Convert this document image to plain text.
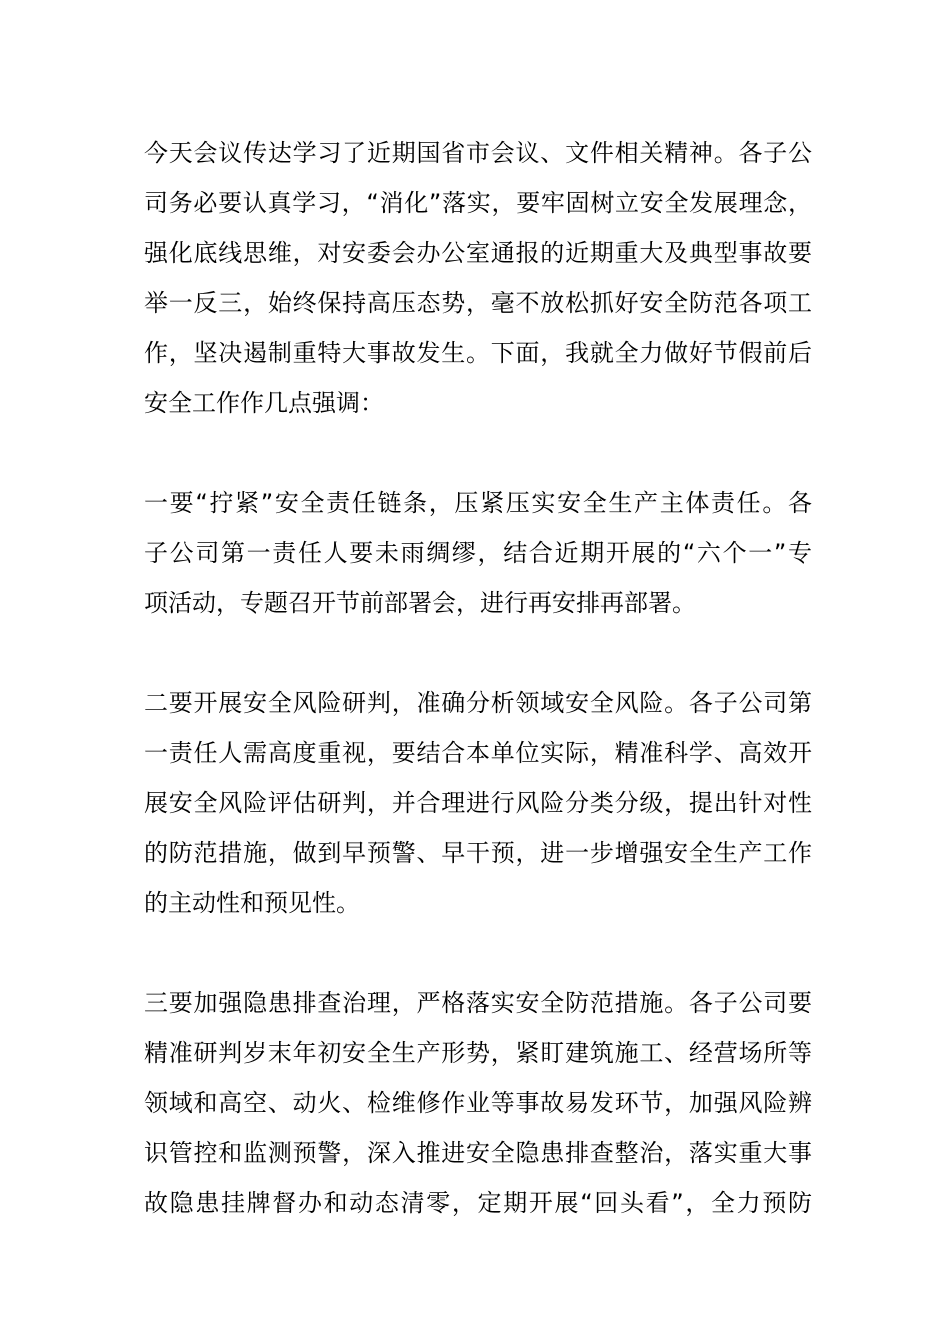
今天会议传达学习了近期国省市会议、文件相关精神。各子公
司务必要认真学习，“消化”落实，要牢固树立安全发展理念，
强化底线思维，对安委会办公室通报的近期重大及典型事故要
举一反三，始终保持高压态势，毫不放松抓好安全防范各项工
作，坚决遏制重特大事故发生。下面，我就全力做好节假前后
安全工作作几点强调：
一要“拧紧”安全责任链条，压紧压实安全生产主体责任。各
子公司第一责任人要未雨绸缪，结合近期开展的“六个一”专
项活动，专题召开节前部署会，进行再安排再部署。
二要开展安全风险研判，准确分析领域安全风险。各子公司第
一责任人需高度重视，要结合本单位实际，精准科学、高效开
展安全风险评估研判，并合理进行风险分类分级，提出针对性
的防范措施，做到早预警、早干预，进一步增强安全生产工作
的主动性和预见性。
三要加强隐患排查治理，严格落实安全防范措施。各子公司要
精准研判岁末年初安全生产形势，紧盯建筑施工、经营场所等
领域和高空、动火、检维修作业等事故易发环节，加强风险辨
识管控和监测预警，深入推进安全隐患排查整治，落实重大事
故隐患挂牌督办和动态清零，定期开展“回头看”，全力预防
